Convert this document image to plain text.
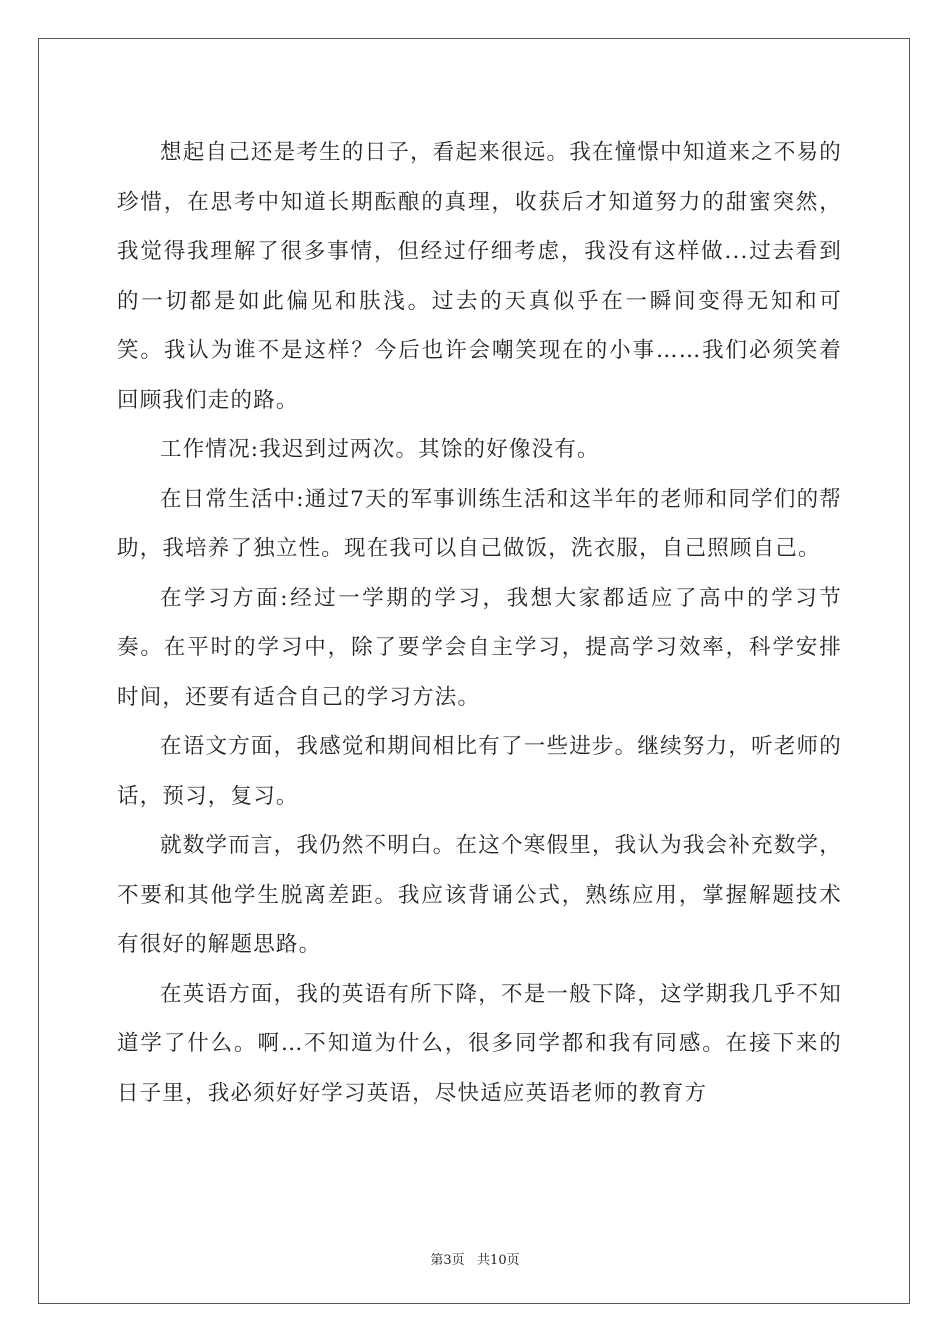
想起自己还是考生的日子，看起来很远。我在憧憬中知道来之不易的珍惜，在思考中知道长期酝酿的真理，收获后才知道努力的甜蜜突然，我觉得我理解了很多事情，但经过仔细考虑，我没有这样做...过去看到的一切都是如此偏见和肤浅。过去的天真似乎在一瞬间变得无知和可笑。我认为谁不是这样？今后也许会嘲笑现在的小事……我们必须笑着回顾我们走的路。

工作情况:我迟到过两次。其馀的好像没有。

在日常生活中:通过7天的军事训练生活和这半年的老师和同学们的帮助，我培养了独立性。现在我可以自己做饭，洗衣服，自己照顾自己。

在学习方面:经过一学期的学习，我想大家都适应了高中的学习节奏。在平时的学习中，除了要学会自主学习，提高学习效率，科学安排时间，还要有适合自己的学习方法。

在语文方面，我感觉和期间相比有了一些进步。继续努力，听老师的话，预习，复习。

就数学而言，我仍然不明白。在这个寒假里，我认为我会补充数学，不要和其他学生脱离差距。我应该背诵公式，熟练应用，掌握解题技术有很好的解题思路。

在英语方面，我的英语有所下降，不是一般下降，这学期我几乎不知道学了什么。啊…不知道为什么，很多同学都和我有同感。在接下来的日子里，我必须好好学习英语，尽快适应英语老师的教育方

第3页   共10页
